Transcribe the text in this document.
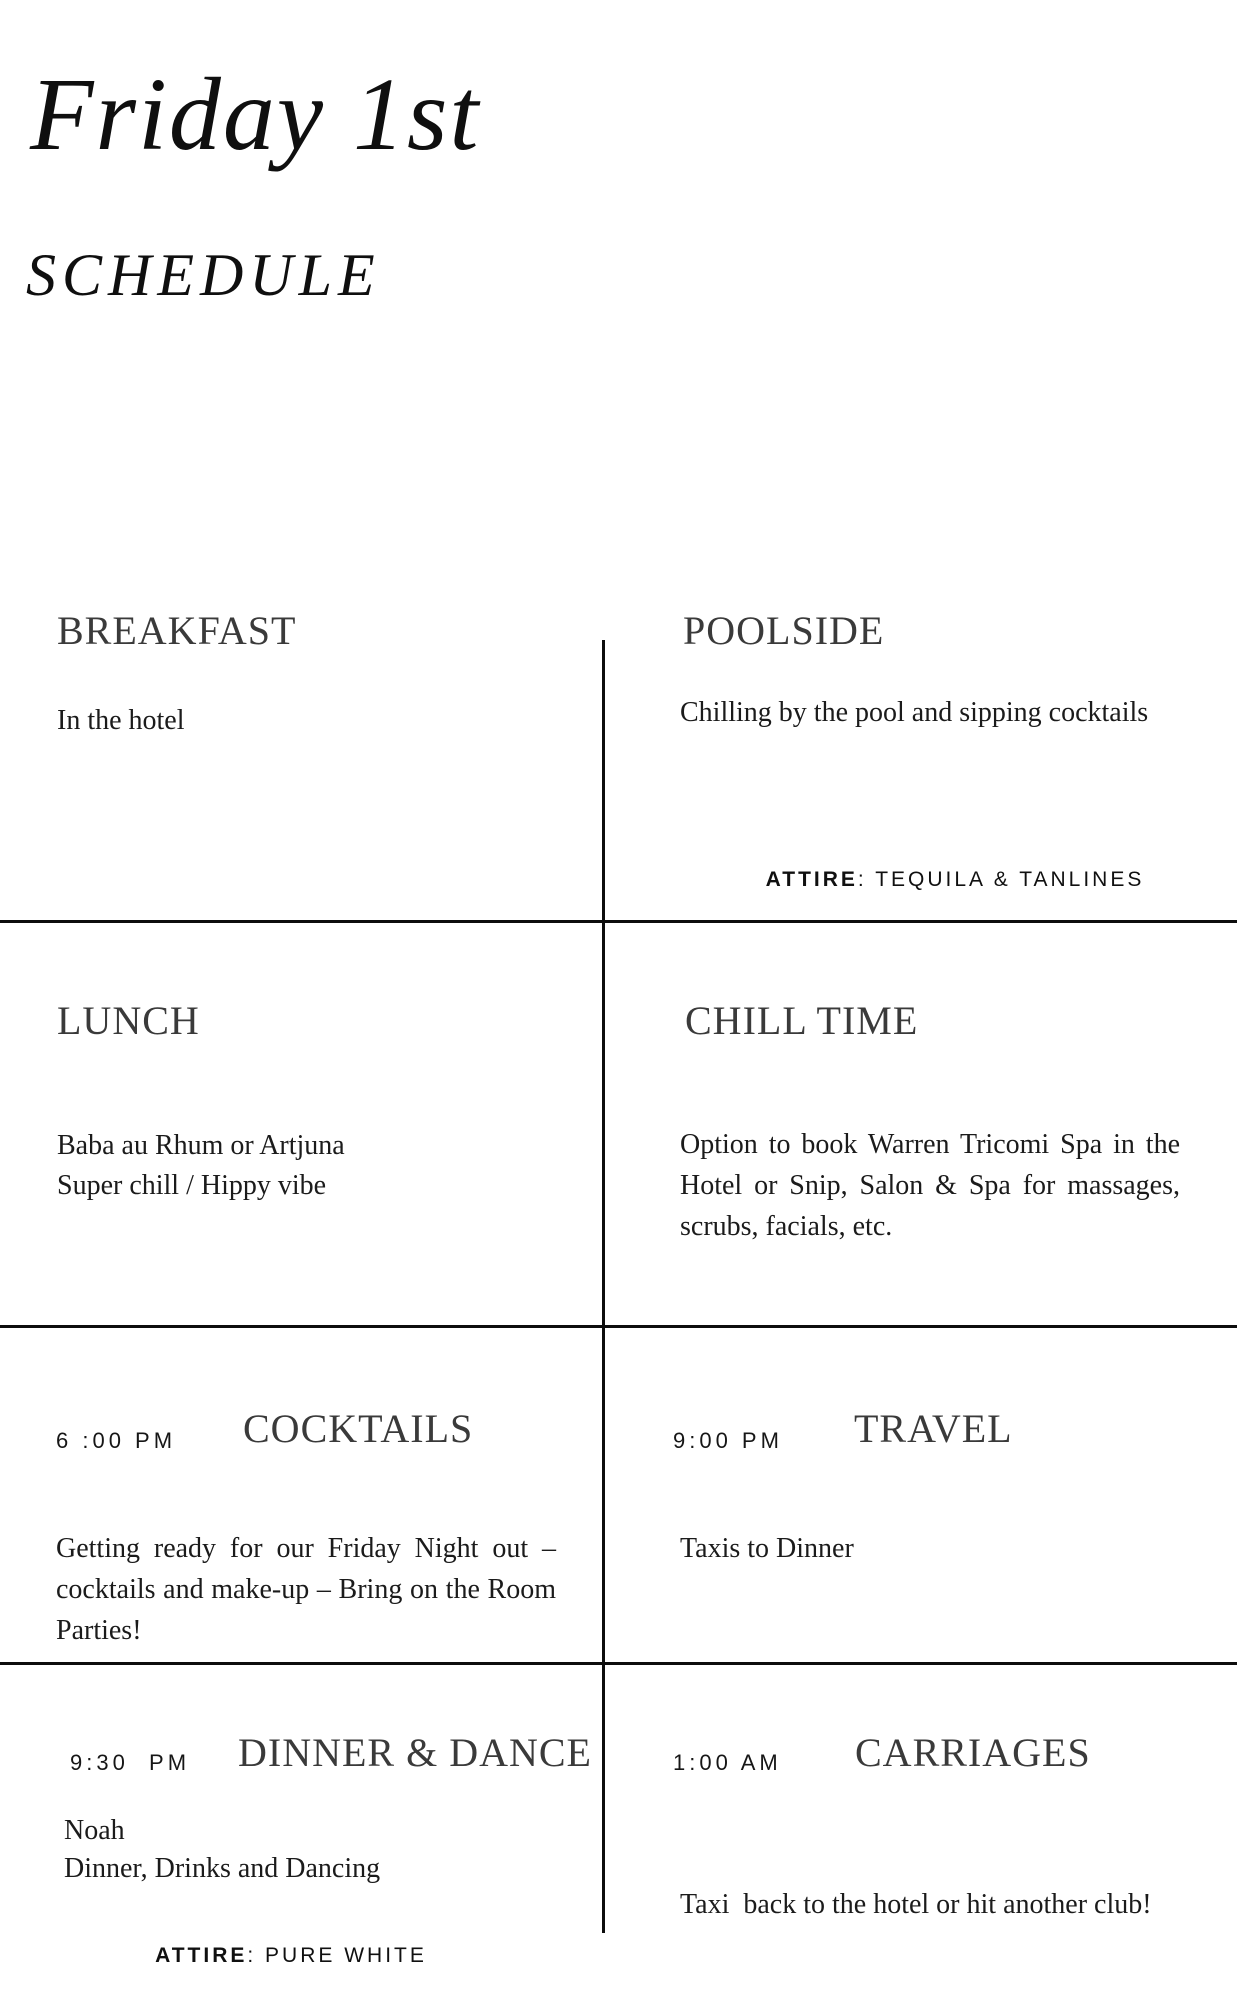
Friday 1st
SCHEDULE
BREAKFAST
In the hotel
POOLSIDE
Chilling by the pool and sipping cocktails
ATTIRE: TEQUILA & TANLINES
LUNCH
Baba au Rhum or Artjuna
Super chill / Hippy vibe
CHILL TIME
Option to book Warren Tricomi Spa in the Hotel or Snip, Salon & Spa for massages, scrubs, facials, etc.
6 :00 PM COCKTAILS
Getting ready for our Friday Night out – cocktails and make-up – Bring on the Room Parties!
9:00 PM TRAVEL
Taxis to Dinner
9:30  PM DINNER & DANCE
Noah
Dinner, Drinks and Dancing
ATTIRE: PURE WHITE
1:00 AM CARRIAGES
Taxi  back to the hotel or hit another club!
